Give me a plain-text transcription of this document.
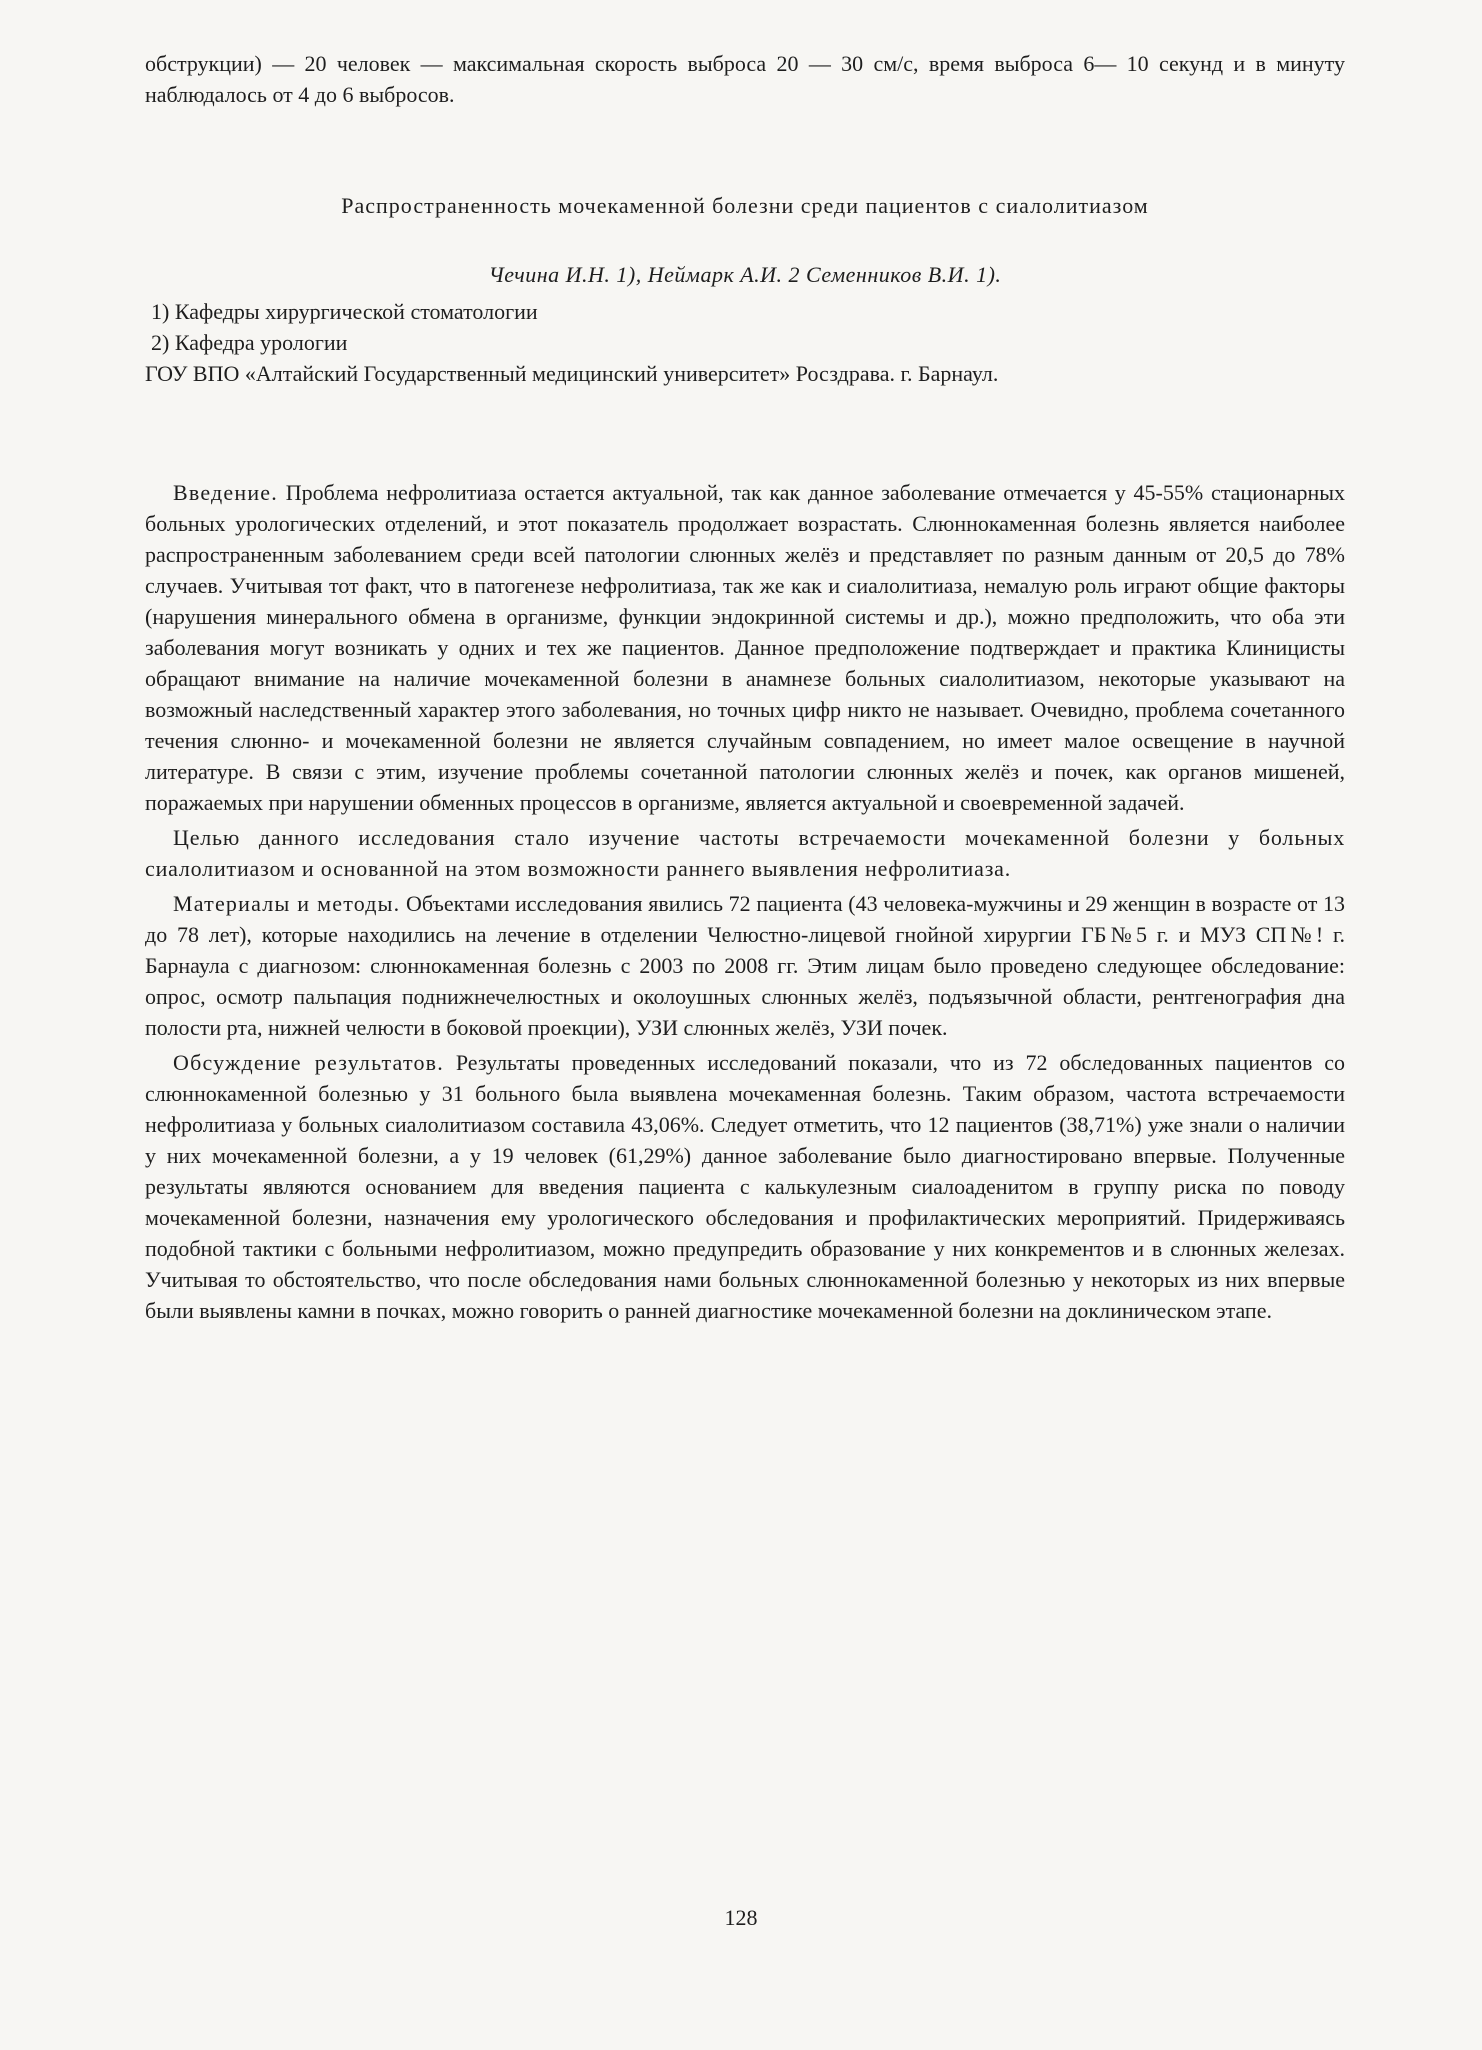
обструкции) — 20 человек — максимальная скорость выброса 20 — 30 см/с, время выброса 6— 10 секунд и в минуту наблюдалось от 4 до 6 выбросов.

Распространенность мочекаменной болезни среди пациентов с сиалолитиазом
Чечина И.Н. 1), Неймарк А.И. 2 Семенников В.И. 1).
1) Кафедры хирургической стоматологии
2) Кафедра урологии
ГОУ ВПО «Алтайский Государственный медицинский университет» Росздрава. г. Барнаул.

Введение. Проблема нефролитиаза остается актуальной, так как данное заболевание отмечается у 45-55% стационарных больных урологических отделений, и этот показатель продолжает возрастать. Слюннокаменная болезнь является наиболее распространенным заболеванием среди всей патологии слюнных желёз и представляет по разным данным от 20,5 до 78% случаев. Учитывая тот факт, что в патогенезе нефролитиаза, так же как и сиалолитиаза, немалую роль играют общие факторы (нарушения минерального обмена в организме, функции эндокринной системы и др.), можно предположить, что оба эти заболевания могут возникать у одних и тех же пациентов. Данное предположение подтверждает и практика Клиницисты обращают внимание на наличие мочекаменной болезни в анамнезе больных сиалолитиазом, некоторые указывают на возможный наследственный характер этого заболевания, но точных цифр никто не называет. Очевидно, проблема сочетанного течения слюнно- и мочекаменной болезни не является случайным совпадением, но имеет малое освещение в научной литературе. В связи с этим, изучение проблемы сочетанной патологии слюнных желёз и почек, как органов мишеней, поражаемых при нарушении обменных процессов в организме, является актуальной и своевременной задачей.

Целью данного исследования стало изучение частоты встречаемости мочекаменной болезни у больных сиалолитиазом и основанной на этом возможности раннего выявления нефролитиаза.

Материалы и методы. Объектами исследования явились 72 пациента (43 человека-мужчины и 29 женщин в возрасте от 13 до 78 лет), которые находились на лечение в отделении Челюстно-лицевой гнойной хирургии ГБ№5 г. и МУЗ СП№! г. Барнаула с диагнозом: слюннокаменная болезнь с 2003 по 2008 гг. Этим лицам было проведено следующее обследование: опрос, осмотр пальпация поднижнечелюстных и околоушных слюнных желёз, подъязычной области, рентгенография дна полости рта, нижней челюсти в боковой проекции), УЗИ слюнных желёз, УЗИ почек.

Обсуждение результатов. Результаты проведенных исследований показали, что из 72 обследованных пациентов со слюннокаменной болезнью у 31 больного была выявлена мочекаменная болезнь. Таким образом, частота встречаемости нефролитиаза у больных сиалолитиазом составила 43,06%. Следует отметить, что 12 пациентов (38,71%) уже знали о наличии у них мочекаменной болезни, а у 19 человек (61,29%) данное заболевание было диагностировано впервые. Полученные результаты являются основанием для введения пациента с калькулезным сиалоаденитом в группу риска по поводу мочекаменной болезни, назначения ему урологического обследования и профилактических мероприятий. Придерживаясь подобной тактики с больными нефролитиазом, можно предупредить образование у них конкрементов и в слюнных железах. Учитывая то обстоятельство, что после обследования нами больных слюннокаменной болезнью у некоторых из них впервые были выявлены камни в почках, можно говорить о ранней диагностике мочекаменной болезни на доклиническом этапе.

128
